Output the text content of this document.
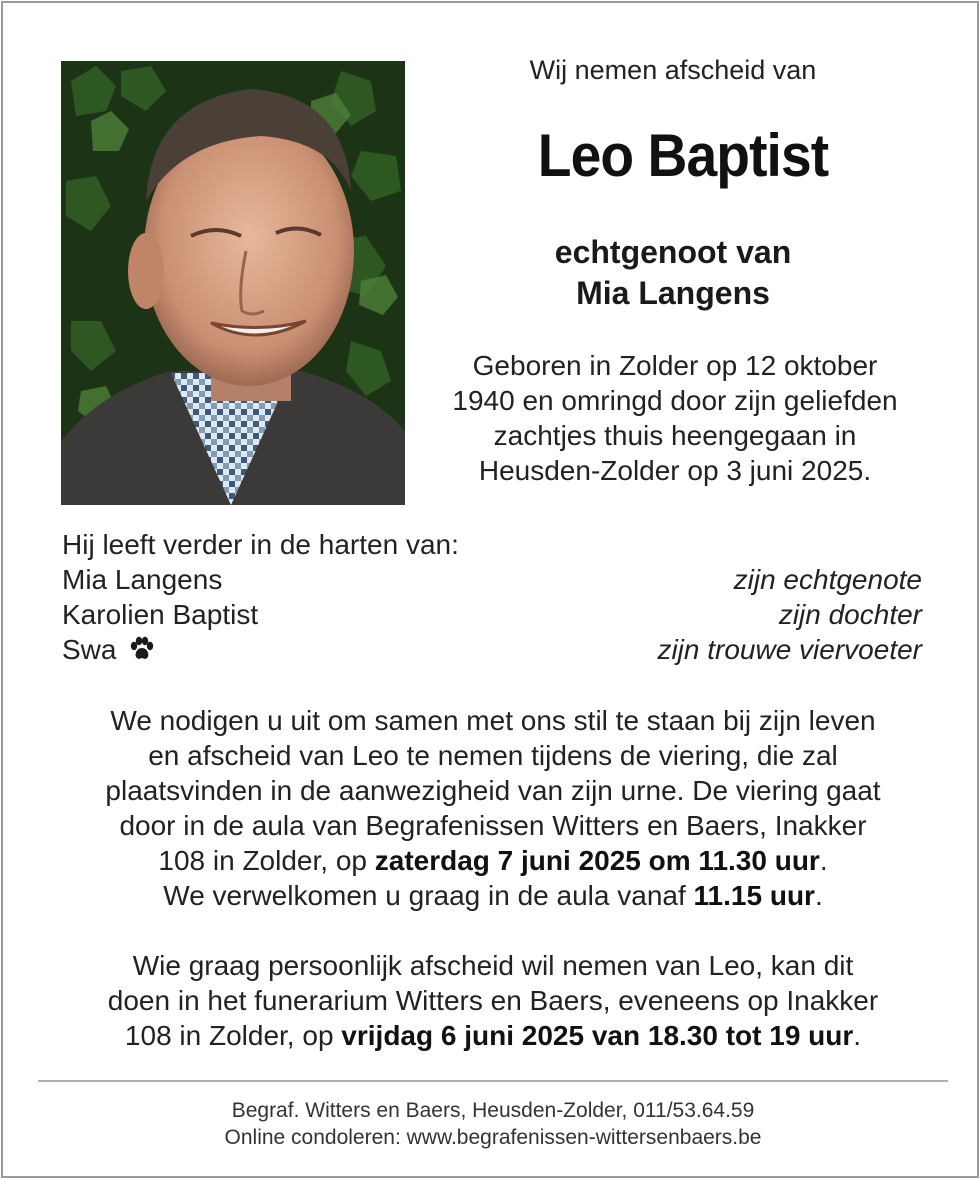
Wij nemen afscheid van
Leo Baptist
echtgenoot van
Mia Langens
Geboren in Zolder op 12 oktober
1940 en omringd door zijn geliefden
zachtjes thuis heengegaan in
Heusden-Zolder op 3 juni 2025.
Hij leeft verder in de harten van:
Mia Langens	zijn echtgenote
Karolien Baptist	zijn dochter
Swa	zijn trouwe viervoeter
We nodigen u uit om samen met ons stil te staan bij zijn leven
en afscheid van Leo te nemen tijdens de viering, die zal
plaatsvinden in de aanwezigheid van zijn urne. De viering gaat
door in de aula van Begrafenissen Witters en Baers, Inakker
108 in Zolder, op zaterdag 7 juni 2025 om 11.30 uur.
We verwelkomen u graag in de aula vanaf 11.15 uur.
Wie graag persoonlijk afscheid wil nemen van Leo, kan dit
doen in het funerarium Witters en Baers, eveneens op Inakker
108 in Zolder, op vrijdag 6 juni 2025 van 18.30 tot 19 uur.
Begraf. Witters en Baers, Heusden-Zolder, 011/53.64.59
Online condoleren: www.begrafenissen-wittersenbaers.be
